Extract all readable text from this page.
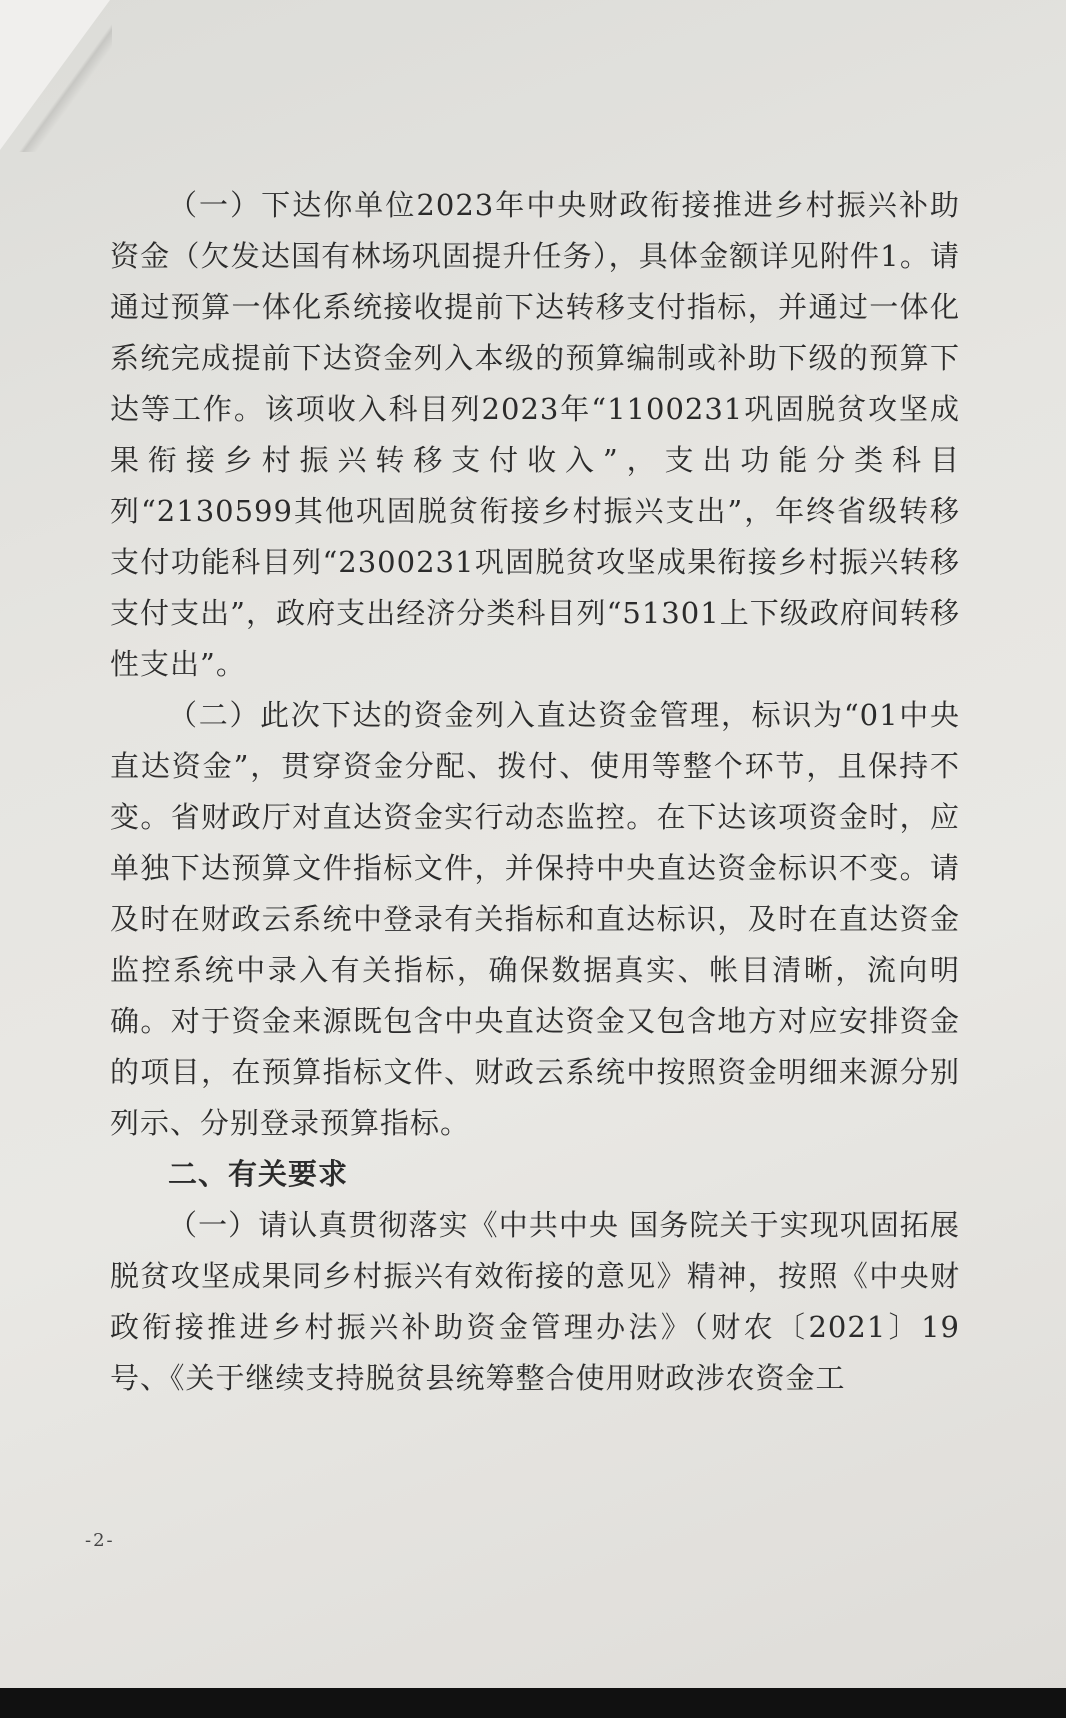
（一）下达你单位2023年中央财政衔接推进乡村振兴补助资金（欠发达国有林场巩固提升任务），具体金额详见附件1。请通过预算一体化系统接收提前下达转移支付指标，并通过一体化系统完成提前下达资金列入本级的预算编制或补助下级的预算下达等工作。该项收入科目列2023年“1100231巩固脱贫攻坚成果衔接乡村振兴转移支付收入”，支出功能分类科目列“2130599其他巩固脱贫衔接乡村振兴支出”，年终省级转移支付功能科目列“2300231巩固脱贫攻坚成果衔接乡村振兴转移支付支出”，政府支出经济分类科目列“51301上下级政府间转移性支出”。

（二）此次下达的资金列入直达资金管理，标识为“01中央直达资金”，贯穿资金分配、拨付、使用等整个环节，且保持不变。省财政厅对直达资金实行动态监控。在下达该项资金时，应单独下达预算文件指标文件，并保持中央直达资金标识不变。请及时在财政云系统中登录有关指标和直达标识，及时在直达资金监控系统中录入有关指标，确保数据真实、帐目清晰，流向明确。对于资金来源既包含中央直达资金又包含地方对应安排资金的项目，在预算指标文件、财政云系统中按照资金明细来源分别列示、分别登录预算指标。

二、有关要求

（一）请认真贯彻落实《中共中央 国务院关于实现巩固拓展脱贫攻坚成果同乡村振兴有效衔接的意见》精神，按照《中央财政衔接推进乡村振兴补助资金管理办法》（财农〔2021〕19号、《关于继续支持脱贫县统筹整合使用财政涉农资金工

-2-
